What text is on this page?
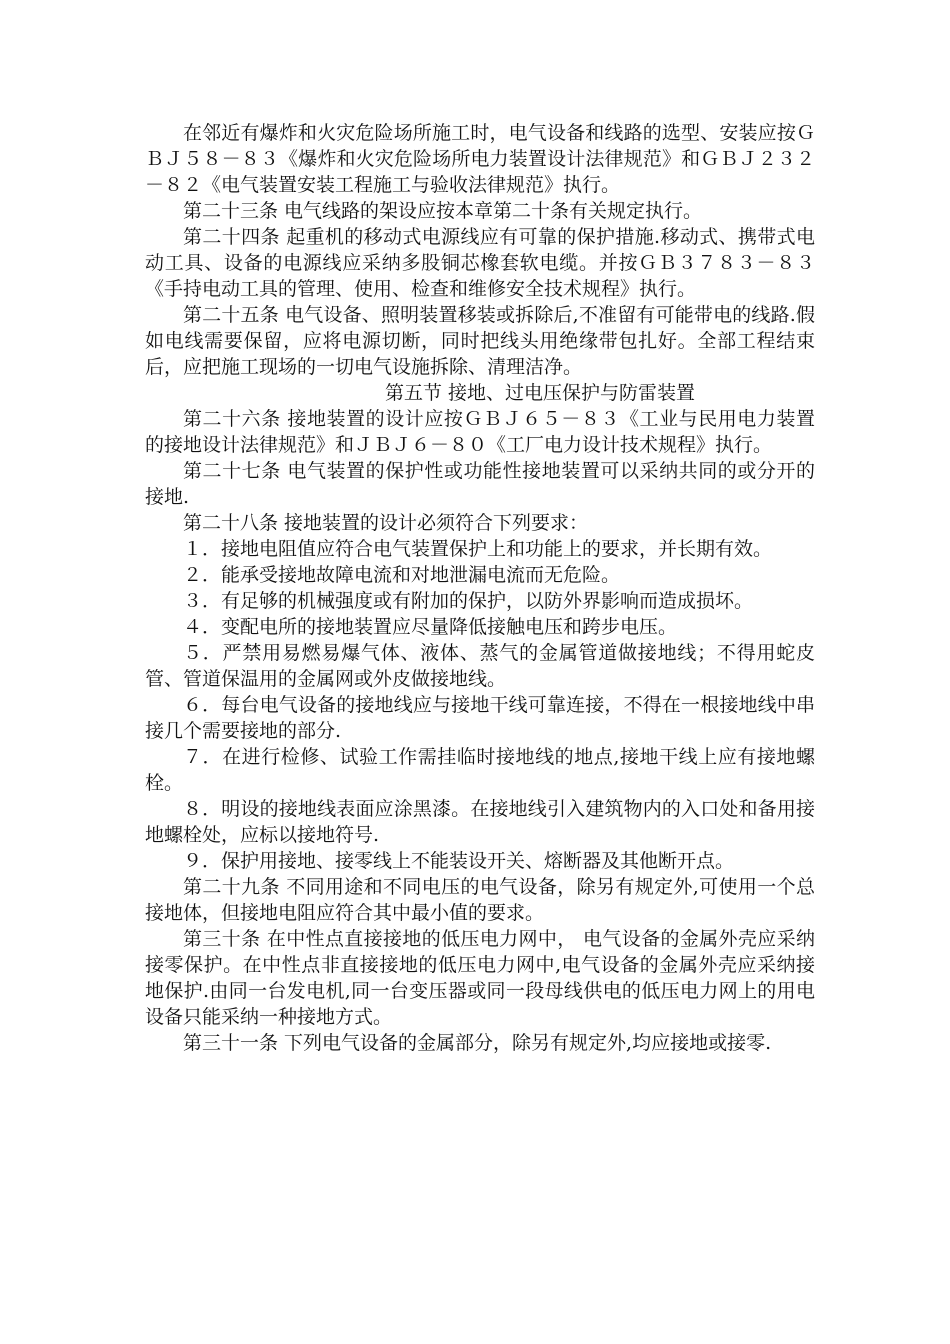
在邻近有爆炸和火灾危险场所施工时，电气设备和线路的选型、安装应按ＧＢＪ５８－８３《爆炸和火灾危险场所电力装置设计法律规范》和ＧＢＪ２３２－８２《电气装置安装工程施工与验收法律规范》执行。

第二十三条 电气线路的架设应按本章第二十条有关规定执行。

第二十四条 起重机的移动式电源线应有可靠的保护措施.移动式、携带式电动工具、设备的电源线应采纳多股铜芯橡套软电缆。并按ＧＢ３７８３－８３《手持电动工具的管理、使用、检查和维修安全技术规程》执行。

第二十五条 电气设备、照明装置移装或拆除后,不准留有可能带电的线路.假如电线需要保留，应将电源切断，同时把线头用绝缘带包扎好。全部工程结束后，应把施工现场的一切电气设施拆除、清理洁净。

第五节 接地、过电压保护与防雷装置

第二十六条 接地装置的设计应按ＧＢＪ６５－８３《工业与民用电力装置的接地设计法律规范》和ＪＢＪ６－８０《工厂电力设计技术规程》执行。

第二十七条 电气装置的保护性或功能性接地装置可以采纳共同的或分开的接地.

第二十八条 接地装置的设计必须符合下列要求：

１．接地电阻值应符合电气装置保护上和功能上的要求，并长期有效。

２．能承受接地故障电流和对地泄漏电流而无危险。

３．有足够的机械强度或有附加的保护，以防外界影响而造成损坏。

４．变配电所的接地装置应尽量降低接触电压和跨步电压。

５．严禁用易燃易爆气体、液体、蒸气的金属管道做接地线；不得用蛇皮管、管道保温用的金属网或外皮做接地线。

６．每台电气设备的接地线应与接地干线可靠连接，不得在一根接地线中串接几个需要接地的部分.

７．在进行检修、试验工作需挂临时接地线的地点,接地干线上应有接地螺栓。

８．明设的接地线表面应涂黑漆。在接地线引入建筑物内的入口处和备用接地螺栓处，应标以接地符号.

９．保护用接地、接零线上不能装设开关、熔断器及其他断开点。

第二十九条 不同用途和不同电压的电气设备，除另有规定外,可使用一个总接地体，但接地电阻应符合其中最小值的要求。

第三十条 在中性点直接接地的低压电力网中， 电气设备的金属外壳应采纳接零保护。在中性点非直接接地的低压电力网中,电气设备的金属外壳应采纳接地保护.由同一台发电机,同一台变压器或同一段母线供电的低压电力网上的用电设备只能采纳一种接地方式。

第三十一条 下列电气设备的金属部分，除另有规定外,均应接地或接零.
